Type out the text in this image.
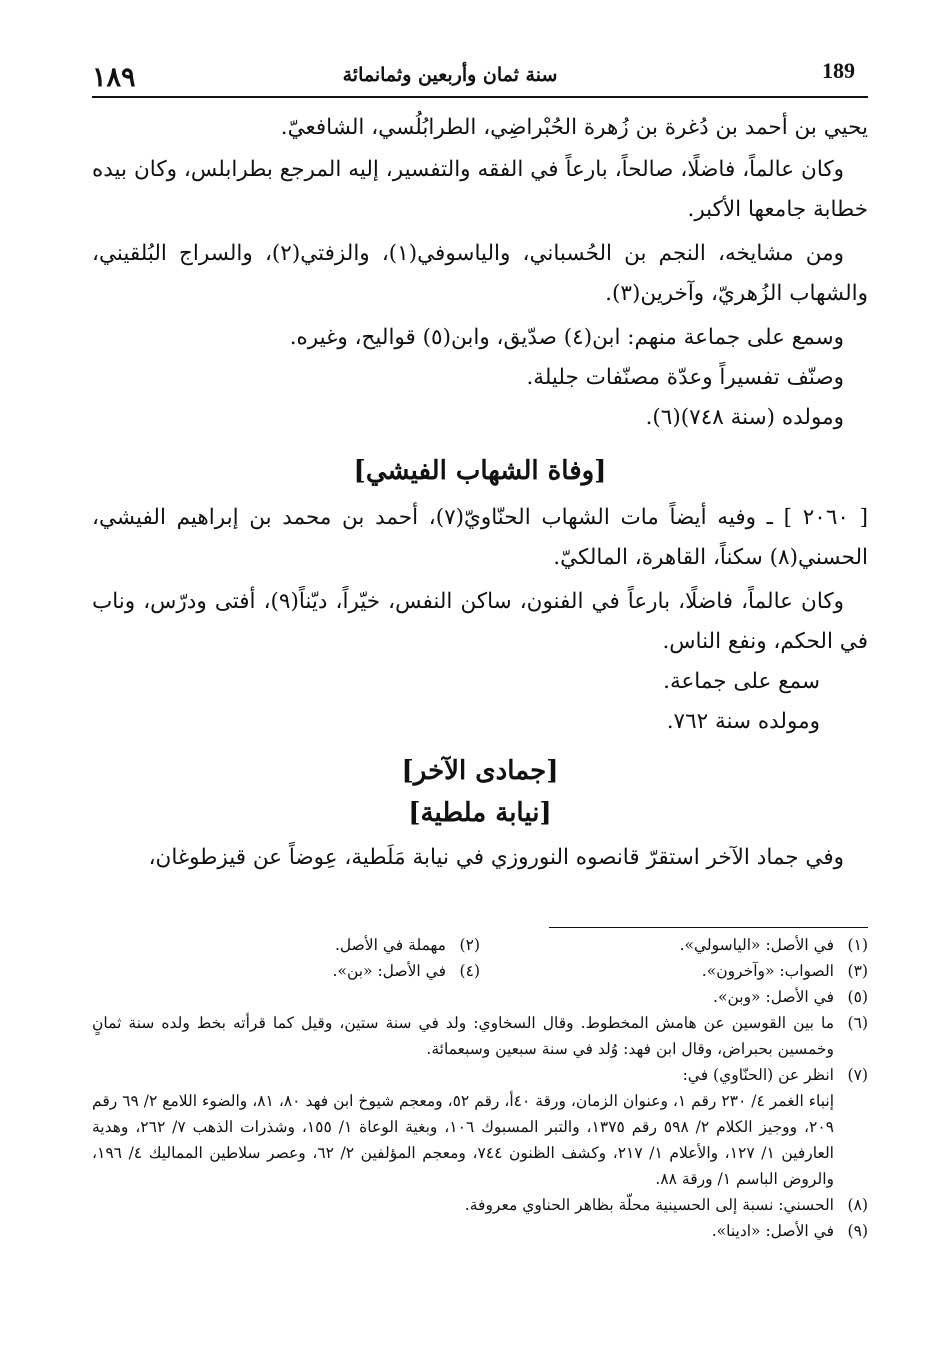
١٨٩	سنة ثمان وأربعين وثمانمائة	189

يحيي بن أحمد بن دُغرة بن زُهرة الحُبْراضِي، الطرابُلُسي، الشافعيّ.

وكان عالماً، فاضلًا، صالحاً، بارعاً في الفقه والتفسير، إليه المرجع بطرابلس، وكان بيده خطابة جامعها الأكبر.

ومن مشايخه، النجم بن الحُسباني، والياسوفي(١)، والزفتي(٢)، والسراج البُلقيني، والشهاب الزُهريّ، وآخرين(٣).

وسمع على جماعة منهم: ابن(٤) صدّيق، وابن(٥) قواليح، وغيره.

وصنّف تفسيراً وعدّة مصنّفات جليلة.

ومولده (سنة ٧٤٨)(٦).

[وفاة الشهاب الفيشي]

[ ٢٠٦٠ ] ـ وفيه أيضاً مات الشهاب الحنّاويّ(٧)، أحمد بن محمد بن إبراهيم الفيشي، الحسني(٨) سكناً، القاهرة، المالكيّ.

وكان عالماً، فاضلًا، بارعاً في الفنون، ساكن النفس، خيّراً، ديّناً(٩)، أفتى ودرّس، وناب في الحكم، ونفع الناس.

سمع على جماعة.

ومولده سنة ٧٦٢.

[جمادى الآخر]
[نيابة ملطية]

وفي جماد الآخر استقرّ قانصوه النوروزي في نيابة مَلَطية، عِوضاً عن قيزطوغان،

(١)
في الأصل: «الياسولي».
(٢)
مهملة في الأصل.
(٣)
الصواب: «وآخرون».
(٤)
في الأصل: «بن».
(٥)
في الأصل: «وبن».
(٦)
ما بين القوسين عن هامش المخطوط. وقال السخاوي: ولد في سنة ستين، وقيل كما قرأته بخط ولده سنة ثمانٍ وخمسين بحبراض، وقال ابن فهد: وُلد في سنة سبعين وسبعمائة.
(٧)
انظر عن (الحنّاوي) في:
إنباء الغمر ٤/ ٢٣٠ رقم ١، وعنوان الزمان، ورقة ٤٠أ، رقم ٥٢، ومعجم شيوخ ابن فهد ٨٠، ٨١، والضوء اللامع ٢/ ٦٩ رقم ٢٠٩، ووجيز الكلام ٢/ ٥٩٨ رقم ١٣٧٥، والتبر المسبوك ١٠٦، وبغية الوعاة ١/ ١٥٥، وشذرات الذهب ٧/ ٢٦٢، وهدية العارفين ١/ ١٢٧، والأعلام ١/ ٢١٧، وكشف الظنون ٧٤٤، ومعجم المؤلفين ٢/ ٦٢، وعصر سلاطين المماليك ٤/ ١٩٦، والروض الباسم ١/ ورقة ٨٨.
(٨)
الحسني: نسبة إلى الحسينية محلّة بظاهر الحناوي معروفة.
(٩)
في الأصل: «ادينا».
